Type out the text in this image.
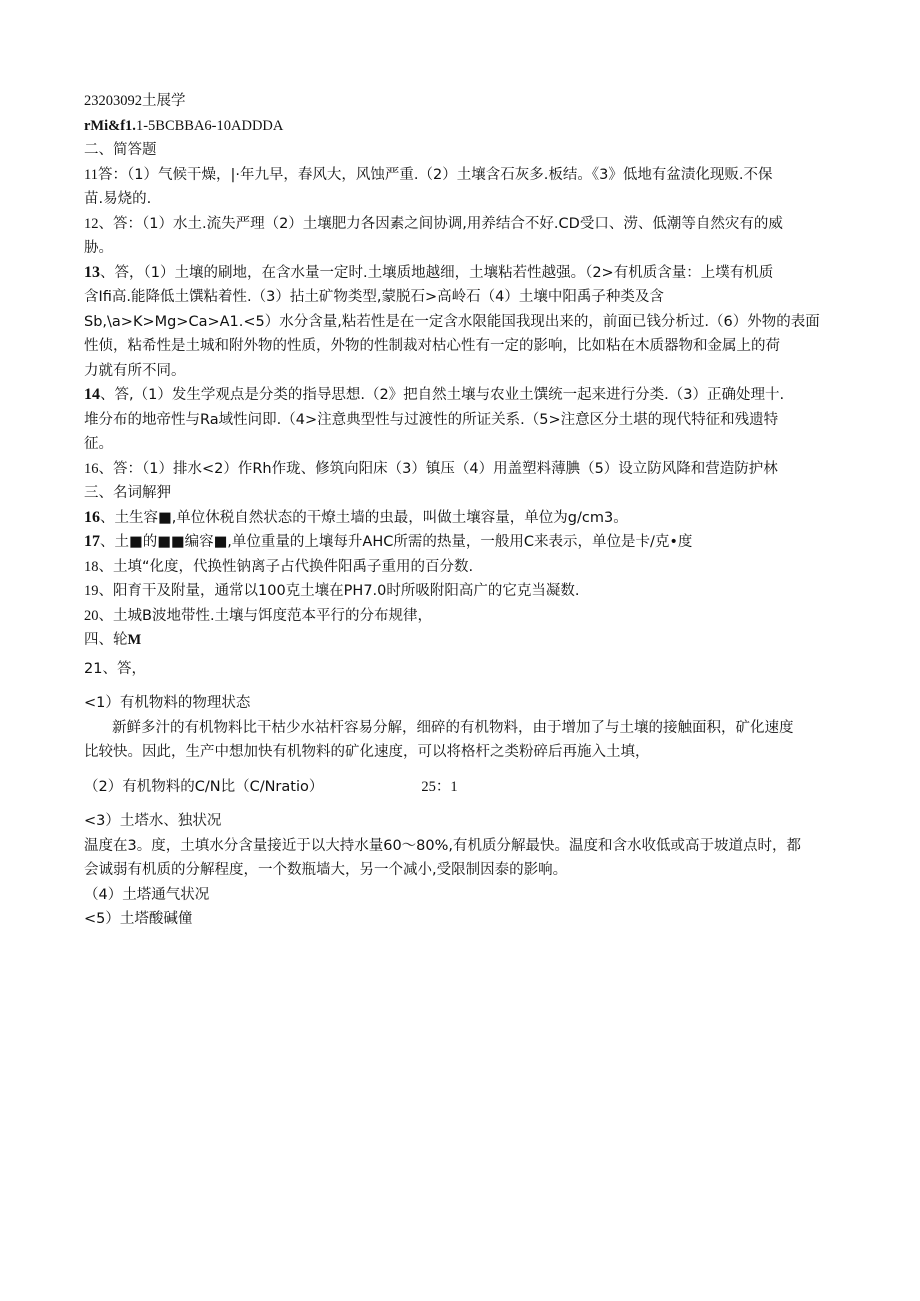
23203092土展学
rMi&f1.1-5BCBBA6-10ADDDA
二、简答题
11答：（1）气候干燥，|·年九早，春风大，风蚀严重.（2）土壤含石灰多.板结。《3》低地有盆渍化现贩.不保
苗.易烧的.
12、答：（1）水土.流失严理（2）土壤肥力各因素之间协调,用养结合不好.CD受口、涝、低潮等自然灾有的威
胁。
13、答，（1）土壤的刷地，在含水量一定时.土壤质地越细，土壤粘若性越强。（2>有机质含量：上墣有机质
含Ifi高.能降低土馔粘着性.（3）拈土矿物类型,蒙脱石>高岭石（4）土壤中阳禹子种类及含
Sb,\a>K>Mg>Ca>A1.<5）水分含量,粘若性是在一定含水限能国我现出来的，前面已钱分析过.（6）外物的表面
性侦，粘希性是土城和附外物的性质，外物的性制裁对枯心性有一定的影响，比如粘在木质器物和金属上的荷
力就有所不同。
14、答,（1）发生学观点是分类的指导思想.（2》把自然土壤与农业土馔统一起来进行分类.（3）正确处理十.
堆分布的地帝性与Ra域性问即.（4>注意典型性与过渡性的所证关系.（5>注意区分土堪的现代特征和残遗特
征。
16、答：（1）排水<2）作Rh作珑、修筑向阳床（3）镇压（4）用盖塑料薄腆（5）设立防风降和营造防护林
三、名词解狎
16、土生容■,单位休税自然状态的干燎土墙的虫最，叫做土壤容量，单位为g/cm3。
17、土■的■■编容■,单位重量的上壤每升AHC所需的热量，一般用C来表示，单位是卡/克•度
18、土填“化度，代换性钠离子占代换件阳禹子重用的百分数.
19、阳育干及附量，通常以100克土壤在PH7.0时所吸附阳高广的它克当凝数.
20、土城B波地带性.土壤与饵度范本平行的分布规律，
四、轮M
21、答，
<1）有机物料的物理状态
新鲜多汁的有机物料比干枯少水祜杆容易分解，细碎的有机物料，由于增加了与土壤的接触面积，矿化速度
比较快。因此，生产中想加快有机物料的矿化速度，可以将格杆之类粉碎后再施入土填，
（2）有机物料的C/N比（C/Nratio）	25：1
<3）土塔水、独状况
温度在3。度，土填水分含量接近于以大持水量60～80%,有机质分解最快。温度和含水收低或高于坡道点时，都
会诚弱有机质的分解程度，一个数瓶墙大，另一个减小,受限制因泰的影响。
（4）土塔通气状况
<5）土塔酸碱僮
